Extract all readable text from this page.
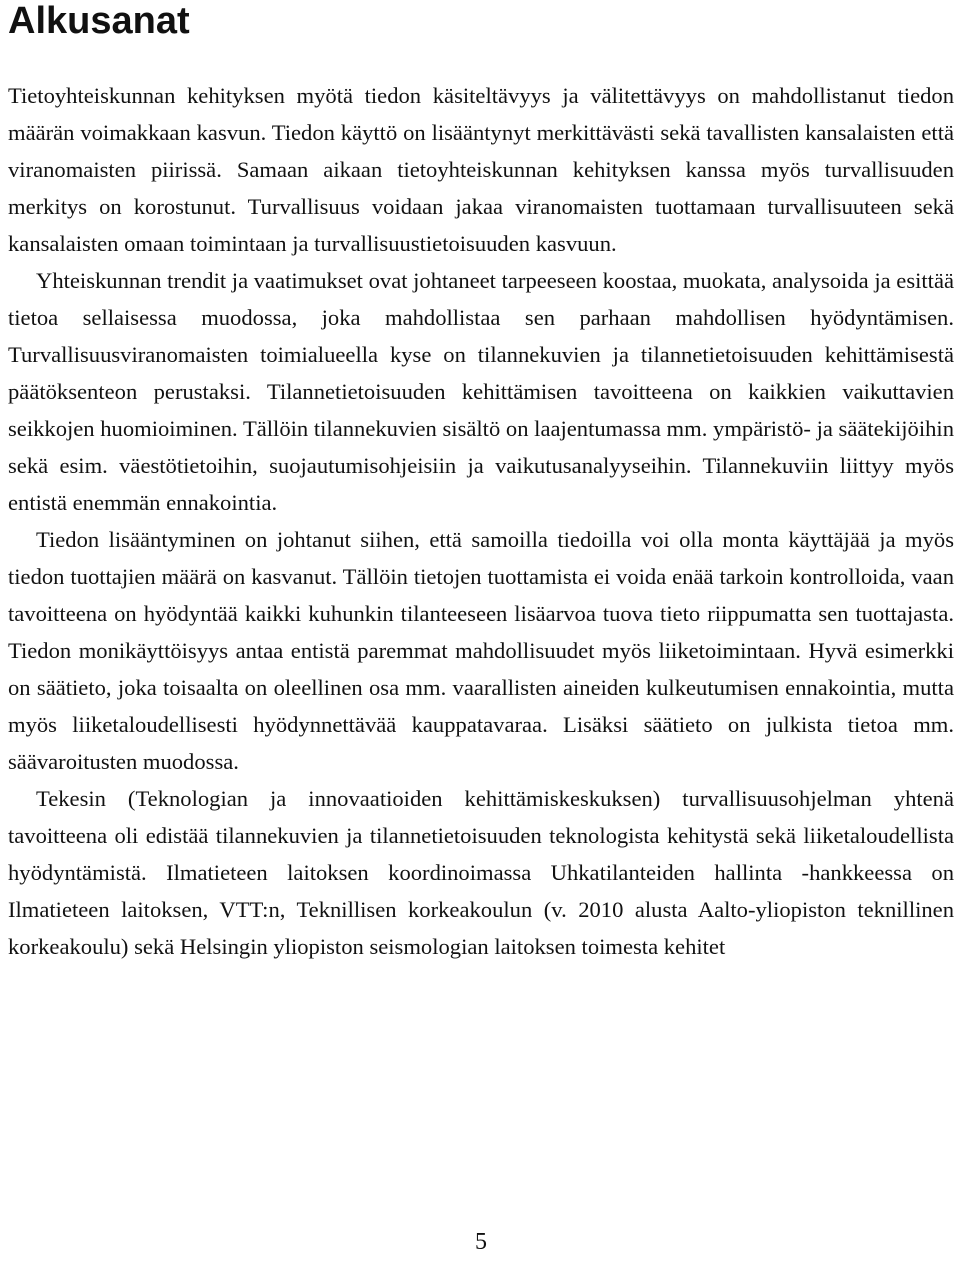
Alkusanat

Tietoyhteiskunnan kehityksen myötä tiedon käsiteltävyys ja välitettävyys on mahdollistanut tiedon määrän voimakkaan kasvun. Tiedon käyttö on lisääntynyt merkittävästi sekä tavallisten kansalaisten että viranomaisten piirissä. Samaan aikaan tietoyhteiskunnan kehityksen kanssa myös turvallisuuden merkitys on korostunut. Turvallisuus voidaan jakaa viranomaisten tuottamaan turvallisuuteen sekä kansalaisten omaan toimintaan ja turvallisuustietoisuuden kasvuun.

Yhteiskunnan trendit ja vaatimukset ovat johtaneet tarpeeseen koostaa, muokata, analysoida ja esittää tietoa sellaisessa muodossa, joka mahdollistaa sen parhaan mahdollisen hyödyntämisen. Turvallisuusviranomaisten toimialueella kyse on tilannekuvien ja tilannetietoisuuden kehittämisestä päätöksenteon perustaksi. Tilannetietoisuuden kehittämisen tavoitteena on kaikkien vaikuttavien seikkojen huomioiminen. Tällöin tilannekuvien sisältö on laajentumassa mm. ympäristö- ja säätekijöihin sekä esim. väestötietoihin, suojautumisohjeisiin ja vaikutusanalyyseihin. Tilannekuviin liittyy myös entistä enemmän ennakointia.

Tiedon lisääntyminen on johtanut siihen, että samoilla tiedoilla voi olla monta käyttäjää ja myös tiedon tuottajien määrä on kasvanut. Tällöin tietojen tuottamista ei voida enää tarkoin kontrolloida, vaan tavoitteena on hyödyntää kaikki kuhunkin tilanteeseen lisäarvoa tuova tieto riippumatta sen tuottajasta. Tiedon monikäyttöisyys antaa entistä paremmat mahdollisuudet myös liiketoimintaan. Hyvä esimerkki on säätieto, joka toisaalta on oleellinen osa mm. vaarallisten aineiden kulkeutumisen ennakointia, mutta myös liiketaloudellisesti hyödynnettävää kauppatavaraa. Lisäksi säätieto on julkista tietoa mm. säävaroitusten muodossa.

Tekesin (Teknologian ja innovaatioiden kehittämiskeskuksen) turvallisuusohjelman yhtenä tavoitteena oli edistää tilannekuvien ja tilannetietoisuuden teknologista kehitystä sekä liiketaloudellista hyödyntämistä. Ilmatieteen laitoksen koordinoimassa Uhkatilanteiden hallinta -hankkeessa on Ilmatieteen laitoksen, VTT:n, Teknillisen korkeakoulun (v. 2010 alusta Aalto-yliopiston teknillinen korkeakoulu) sekä Helsingin yliopiston seismologian laitoksen toimesta kehitet

5
